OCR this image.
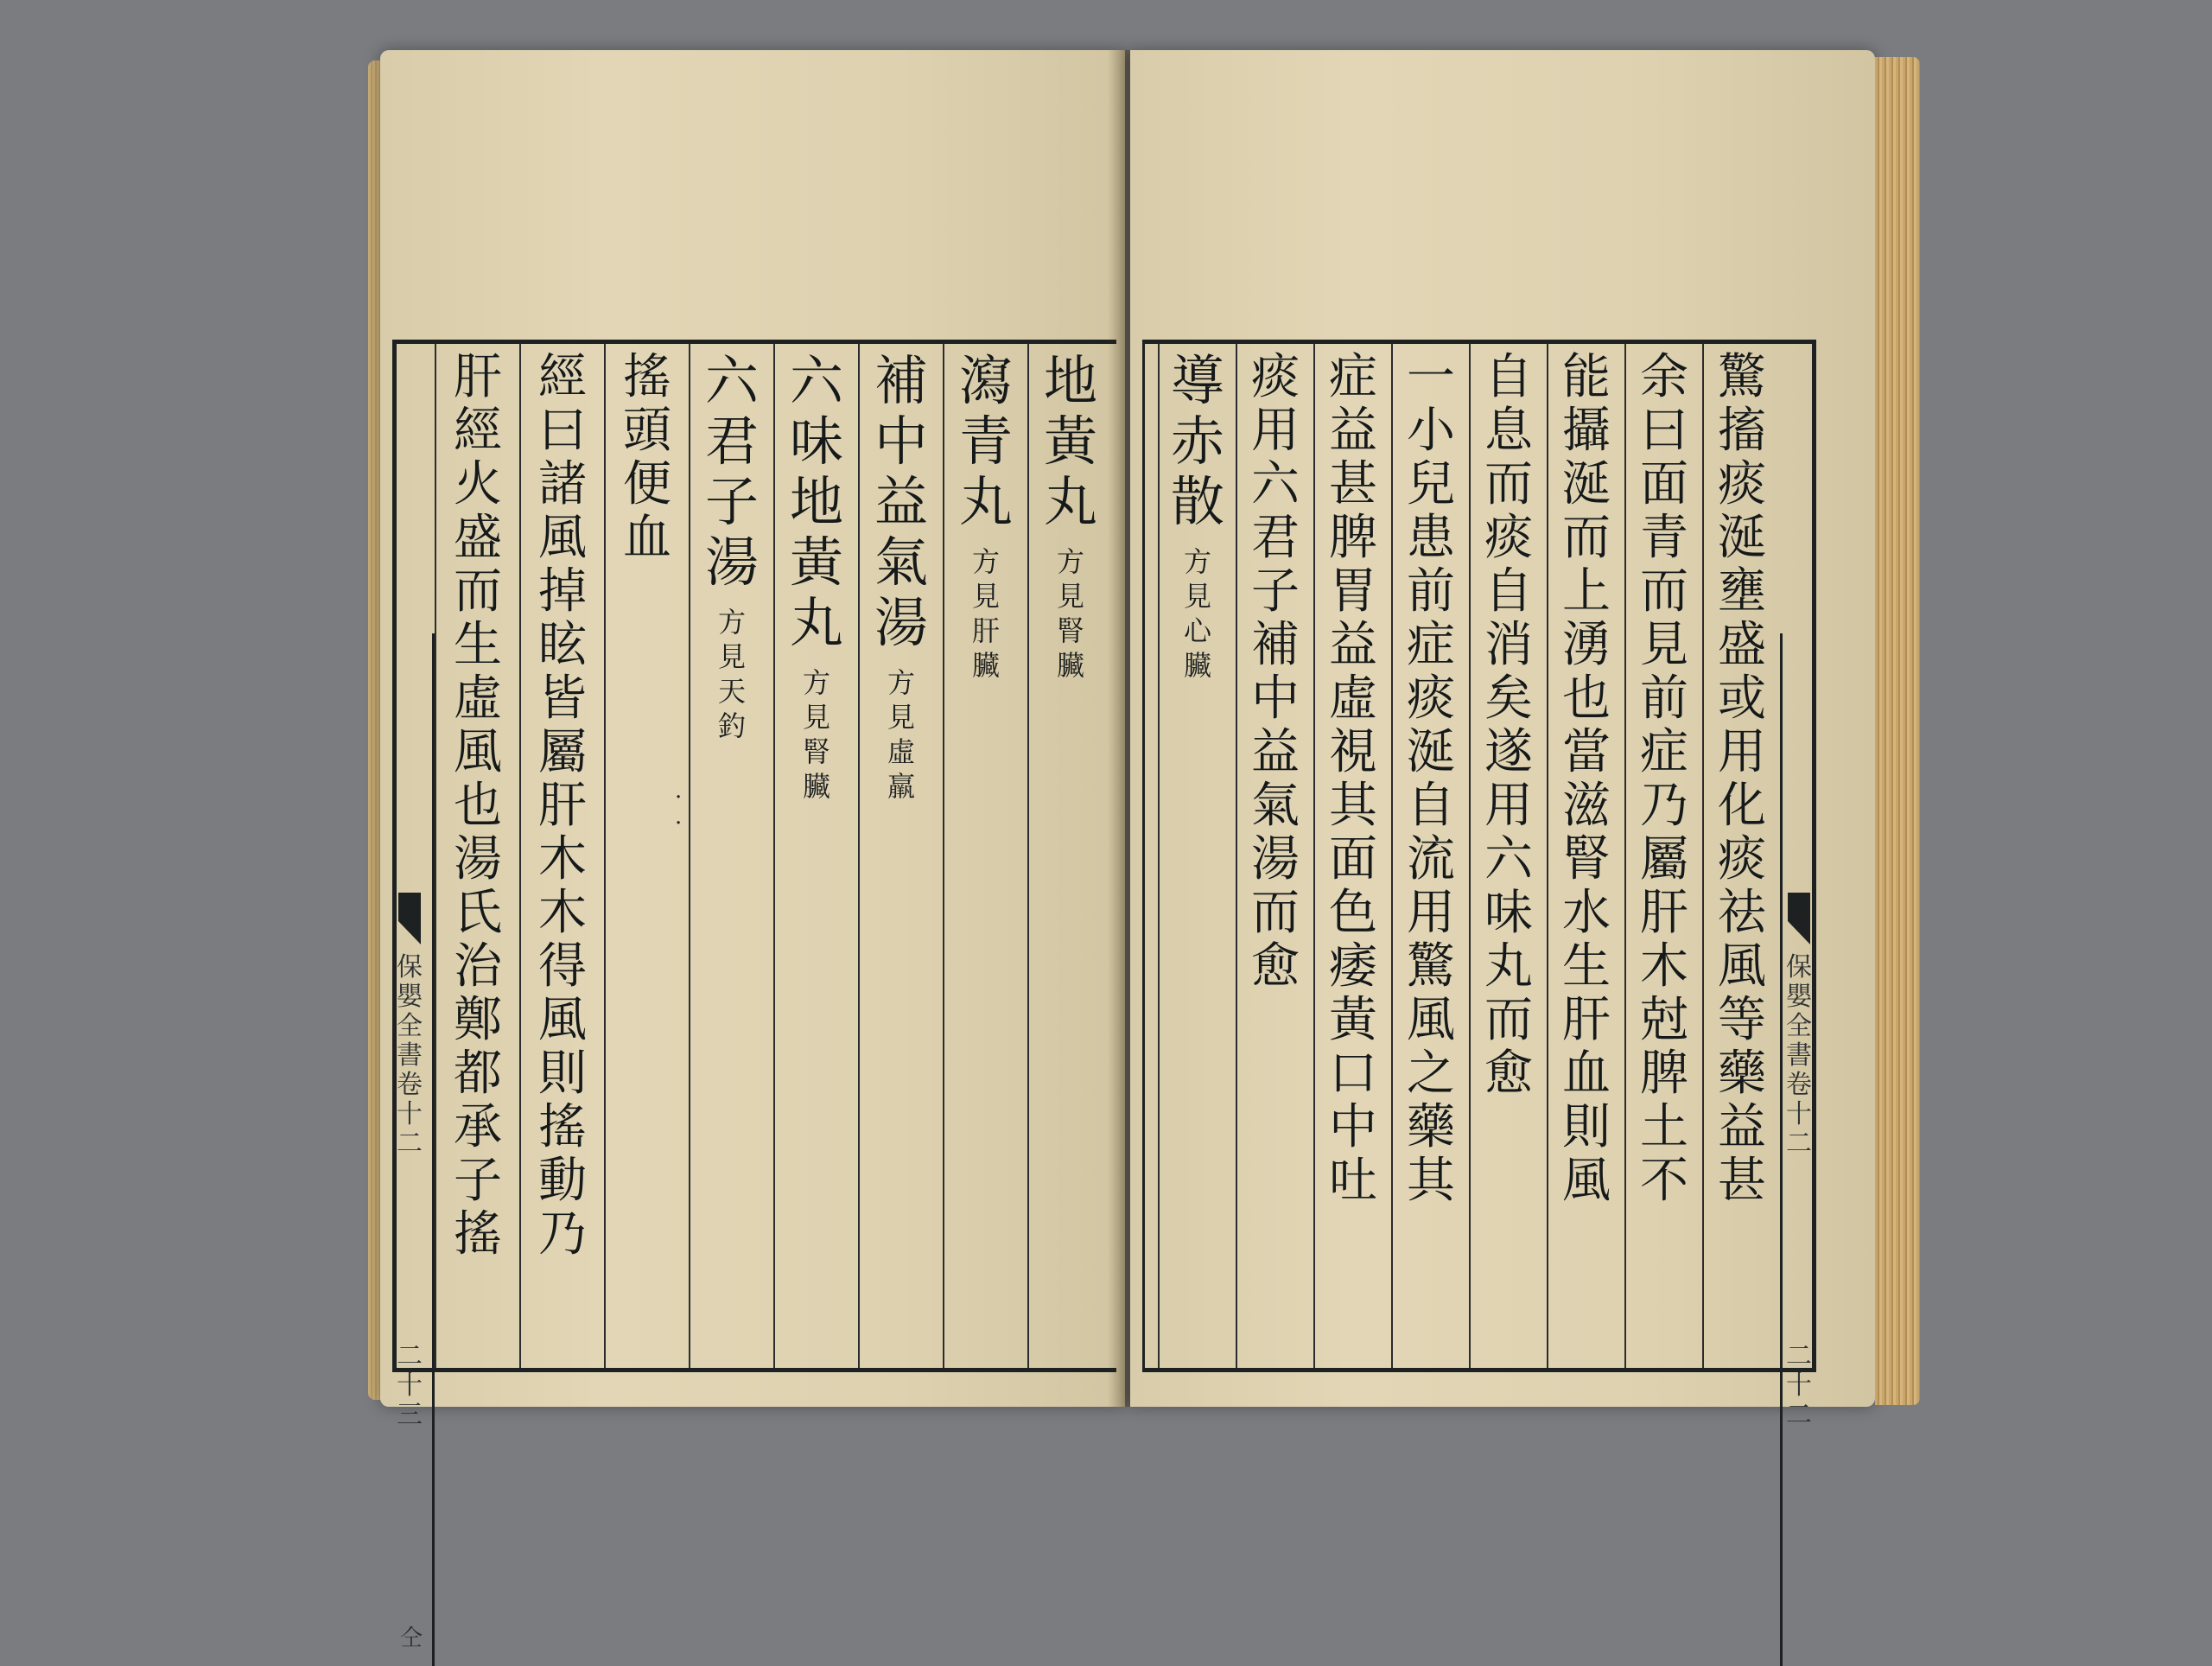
保
嬰
全
書
卷
十
二
二
十
三
仝
地
黃
丸
方
見
腎
臟
瀉
青
丸
方
見
肝
臟
補
中
益
氣
湯
方
見
虛
羸
六
味
地
黃
丸
方
見
腎
臟
六
君
子
湯
方
見
天
釣
搖
頭
便
血
經
曰
諸
風
掉
眩
皆
屬
肝
木
木
得
風
則
搖
動
乃
肝
經
火
盛
而
生
虛
風
也
湯
氏
治
鄭
都
承
子
搖
·
·
驚
搐
痰
涎
壅
盛
或
用
化
痰
祛
風
等
藥
益
甚
余
曰
面
青
而
見
前
症
乃
屬
肝
木
尅
脾
土
不
能
攝
涎
而
上
湧
也
當
滋
腎
水
生
肝
血
則
風
自
息
而
痰
自
消
矣
遂
用
六
味
丸
而
愈
一
小
兒
患
前
症
痰
涎
自
流
用
驚
風
之
藥
其
症
益
甚
脾
胃
益
虛
視
其
面
色
痿
黃
口
中
吐
痰
用
六
君
子
補
中
益
氣
湯
而
愈
導
赤
散
方
見
心
臟
保
嬰
全
書
卷
十
二
二
十
二
